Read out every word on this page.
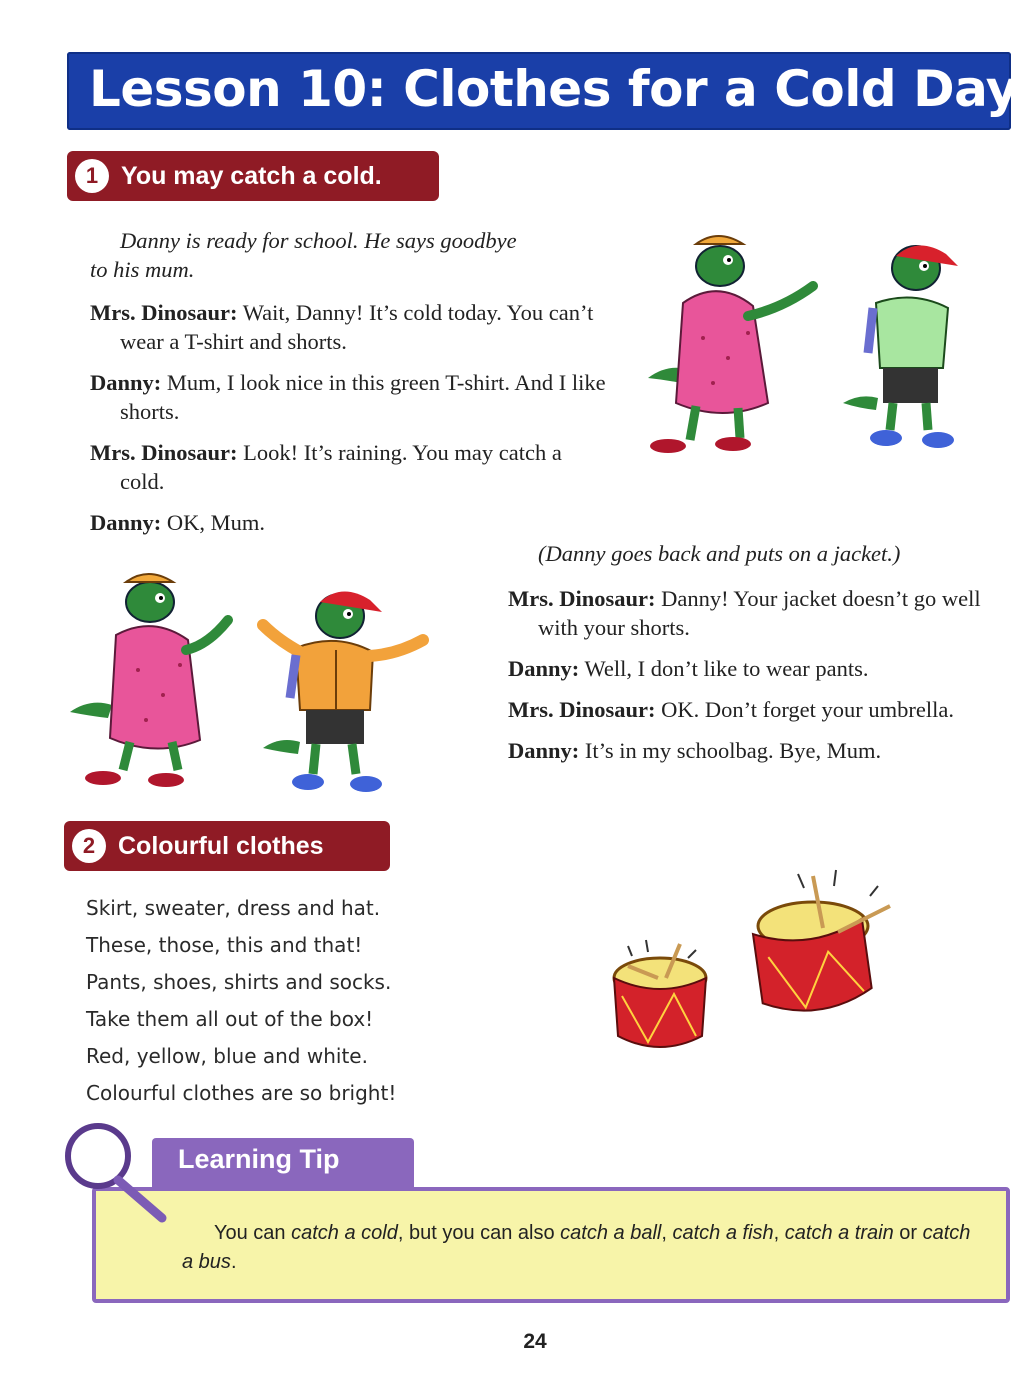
Lesson 10: Clothes for a Cold Day
1 You may catch a cold.

Danny is ready for school. He says goodbye to his mum.

Mrs. Dinosaur: Wait, Danny! It’s cold today. You can’t wear a T-shirt and shorts.
Danny: Mum, I look nice in this green T-shirt. And I like shorts.
Mrs. Dinosaur: Look! It’s raining. You may catch a cold.
Danny: OK, Mum.

(Danny goes back and puts on a jacket.)

Mrs. Dinosaur: Danny! Your jacket doesn’t go well with your shorts.
Danny: Well, I don’t like to wear pants.
Mrs. Dinosaur: OK. Don’t forget your umbrella.
Danny: It’s in my schoolbag. Bye, Mum.
2 Colourful clothes
Skirt, sweater, dress and hat.
These, those, this and that!
Pants, shoes, shirts and socks.
Take them all out of the box!
Red, yellow, blue and white.
Colourful clothes are so bright!

You can catch a cold, but you can also catch a ball, catch a fish, catch a train or catch a bus.

Learning Tip

24
